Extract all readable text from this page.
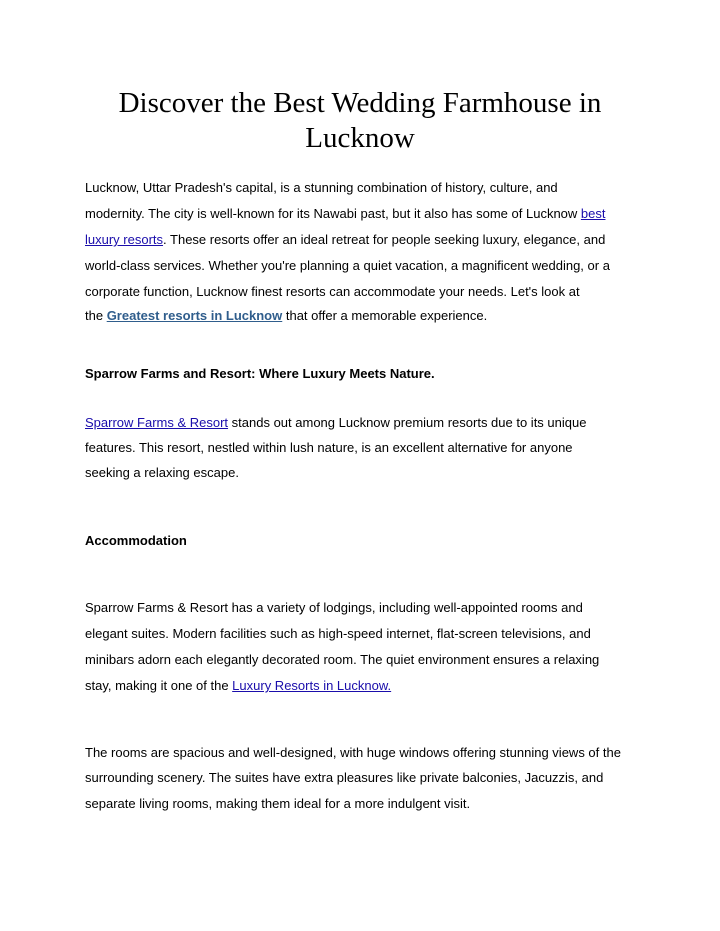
Discover the Best Wedding Farmhouse in Lucknow

Lucknow, Uttar Pradesh's capital, is a stunning combination of history, culture, and

modernity. The city is well-known for its Nawabi past, but it also has some of Lucknow best

luxury resorts. These resorts offer an ideal retreat for people seeking luxury, elegance, and

world-class services. Whether you're planning a quiet vacation, a magnificent wedding, or a

corporate function, Lucknow finest resorts can accommodate your needs. Let's look at

the Greatest resorts in Lucknow that offer a memorable experience.

Sparrow Farms and Resort: Where Luxury Meets Nature.

Sparrow Farms & Resort stands out among Lucknow premium resorts due to its unique

features. This resort, nestled within lush nature, is an excellent alternative for anyone

seeking a relaxing escape.

Accommodation

Sparrow Farms & Resort has a variety of lodgings, including well-appointed rooms and

elegant suites. Modern facilities such as high-speed internet, flat-screen televisions, and

minibars adorn each elegantly decorated room. The quiet environment ensures a relaxing

stay, making it one of the Luxury Resorts in Lucknow.

The rooms are spacious and well-designed, with huge windows offering stunning views of the

surrounding scenery. The suites have extra pleasures like private balconies, Jacuzzis, and

separate living rooms, making them ideal for a more indulgent visit.
